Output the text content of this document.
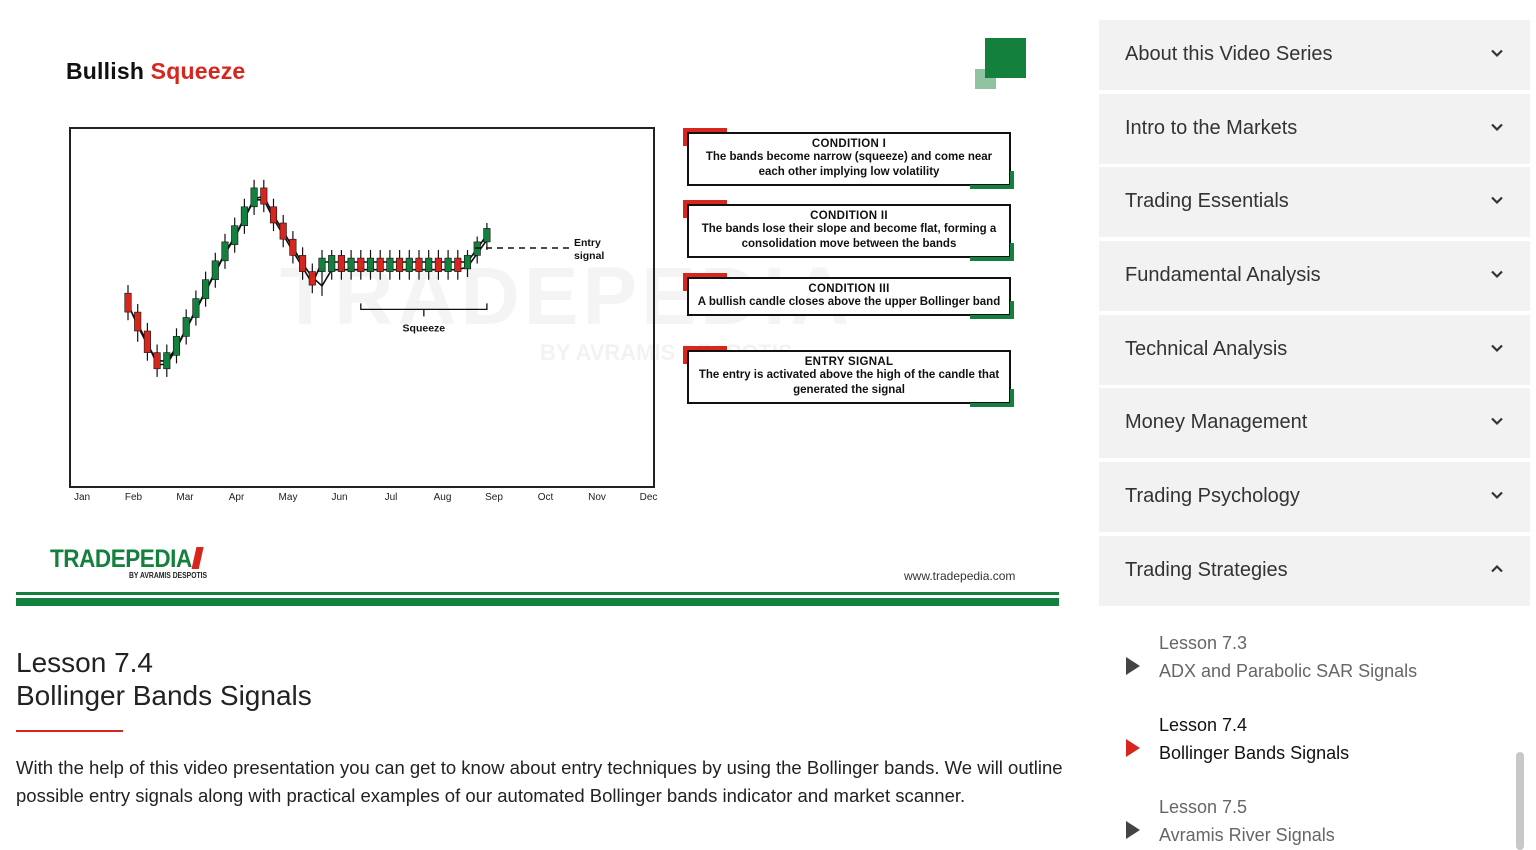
Bullish Squeeze
Entry
signal
Squeeze
BY AVRAMIS DESPOTIS
Jan	Feb	Mar	Apr	May	Jun	Jul	Aug	Sep	Oct	Nov	Dec
CONDITION I
The bands become narrow (squeeze) and come near each other implying low volatility
CONDITION II
The bands lose their slope and become flat, forming a consolidation move between the bands
CONDITION III
A bullish candle closes above the upper Bollinger band
ENTRY SIGNAL
The entry is activated above the high of the candle that generated the signal
TRADEPEDIA
BY AVRAMIS DESPOTIS	www.tradepedia.com
Lesson 7.4
Bollinger Bands Signals
With the help of this video presentation you can get to know about entry techniques by using the Bollinger bands. We will outline possible entry signals along with practical examples of our automated Bollinger bands indicator and market scanner.
About this Video Series
Intro to the Markets
Trading Essentials
Fundamental Analysis
Technical Analysis
Money Management
Trading Psychology
Trading Strategies
Lesson 7.3
ADX and Parabolic SAR Signals
Lesson 7.4
Bollinger Bands Signals
Lesson 7.5
Avramis River Signals
